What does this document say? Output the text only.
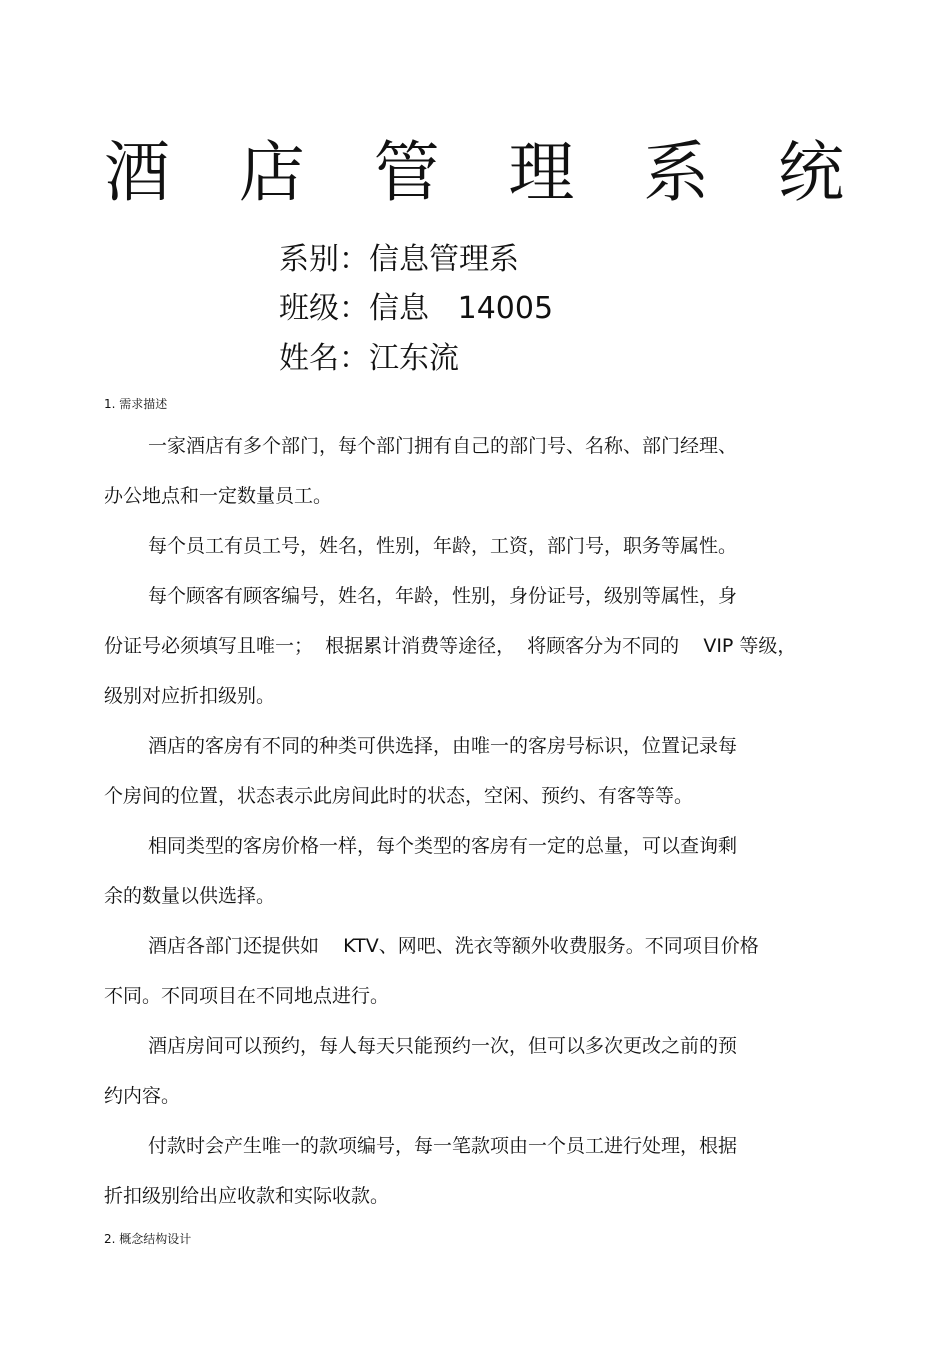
酒 店 管 理 系 统
系别：信息管理系
班级：信息   14005
姓名：江东流
1. 需求描述

一家酒店有多个部门，每个部门拥有自己的部门号、名称、部门经理、
办公地点和一定数量员工。

每个员工有员工号，姓名，性别，年龄，工资，部门号，职务等属性。

每个顾客有顾客编号，姓名，年龄，性别，身份证号，级别等属性，身
份证号必须填写且唯一；  根据累计消费等途径，  将顾客分为不同的    VIP 等级，
级别对应折扣级别。

酒店的客房有不同的种类可供选择，由唯一的客房号标识，位置记录每
个房间的位置，状态表示此房间此时的状态，空闲、预约、有客等等。

相同类型的客房价格一样，每个类型的客房有一定的总量，可以查询剩
余的数量以供选择。

酒店各部门还提供如    KTV、网吧、洗衣等额外收费服务。不同项目价格
不同。不同项目在不同地点进行。

酒店房间可以预约，每人每天只能预约一次，但可以多次更改之前的预
约内容。

付款时会产生唯一的款项编号，每一笔款项由一个员工进行处理，根据
折扣级别给出应收款和实际收款。

2. 概念结构设计
